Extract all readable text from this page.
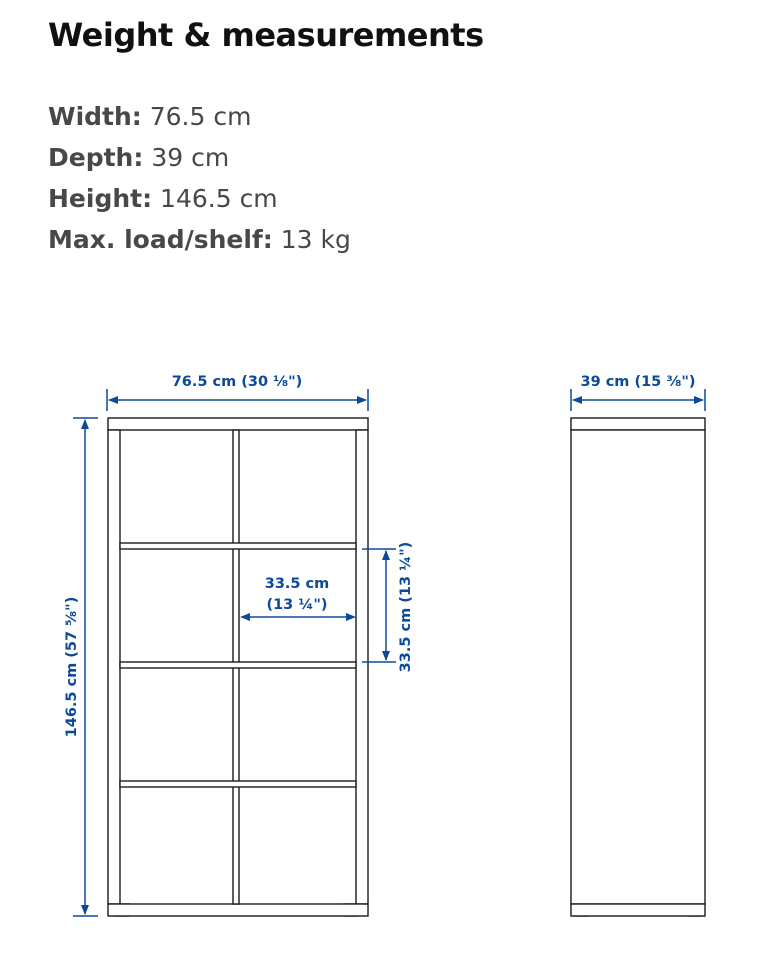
Weight & measurements
Width: 76.5 cm
Depth: 39 cm
Height: 146.5 cm
Max. load/shelf: 13 kg
76.5 cm (30 ⅛")
146.5 cm (57 ⅝")
33.5 cm
(13 ¼")	33.5 cm (13 ¼")
39 cm (15 ⅜")
